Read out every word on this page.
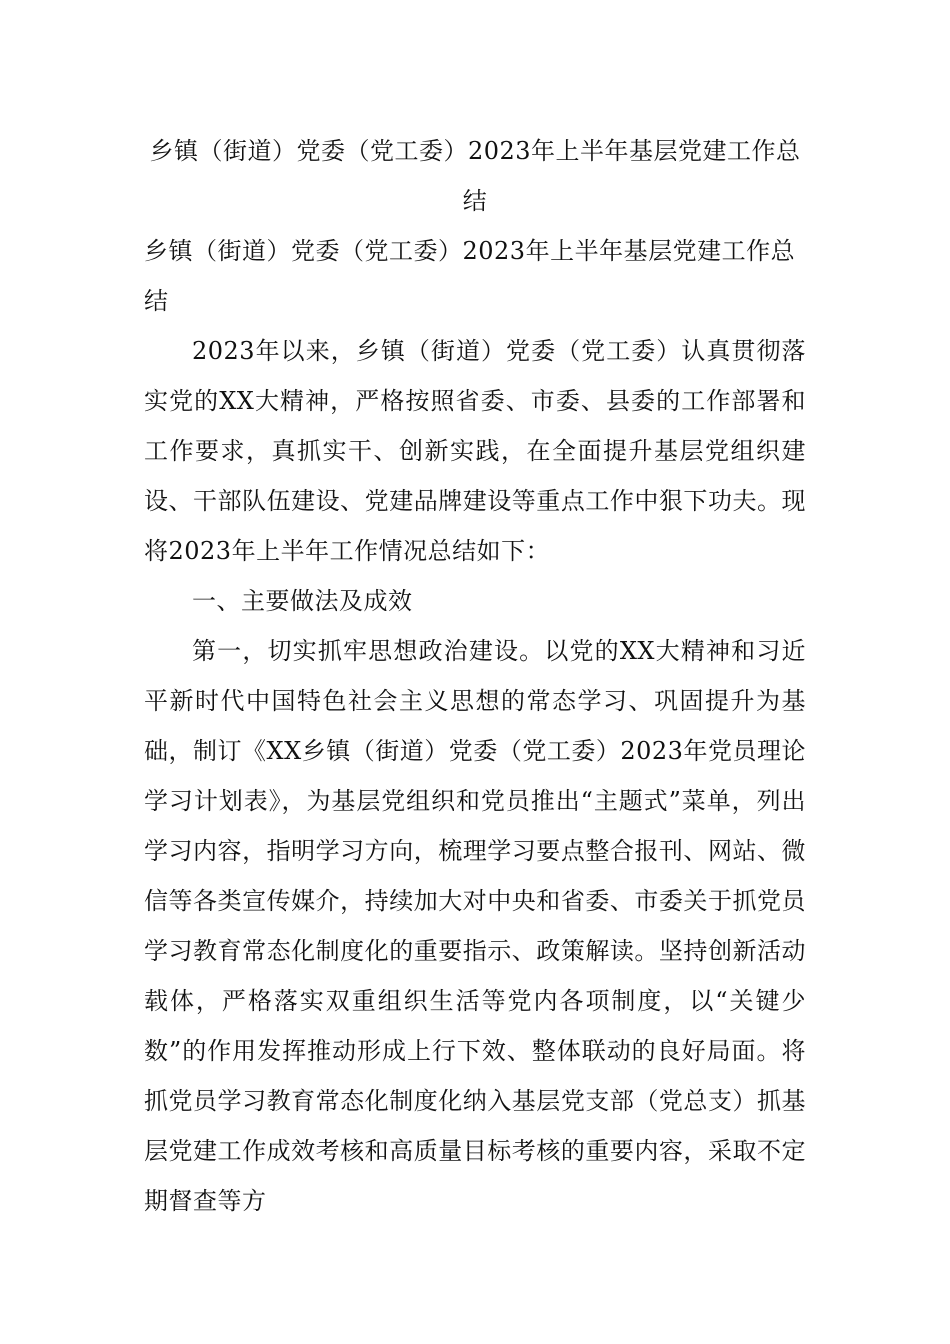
乡镇（街道）党委（党工委）2023年上半年基层党建工作总结
乡镇（街道）党委（党工委）2023年上半年基层党建工作总结

2023年以来，乡镇（街道）党委（党工委）认真贯彻落实党的XX大精神，严格按照省委、市委、县委的工作部署和工作要求，真抓实干、创新实践，在全面提升基层党组织建设、干部队伍建设、党建品牌建设等重点工作中狠下功夫。现将2023年上半年工作情况总结如下：

一、主要做法及成效

第一，切实抓牢思想政治建设。以党的XX大精神和习近平新时代中国特色社会主义思想的常态学习、巩固提升为基础，制订《XX乡镇（街道）党委（党工委）2023年党员理论学习计划表》，为基层党组织和党员推出“主题式”菜单，列出学习内容，指明学习方向，梳理学习要点整合报刊、网站、微信等各类宣传媒介，持续加大对中央和省委、市委关于抓党员学习教育常态化制度化的重要指示、政策解读。坚持创新活动载体，严格落实双重组织生活等党内各项制度，以“关键少数”的作用发挥推动形成上行下效、整体联动的良好局面。将抓党员学习教育常态化制度化纳入基层党支部（党总支）抓基层党建工作成效考核和高质量目标考核的重要内容，采取不定期督查等方
